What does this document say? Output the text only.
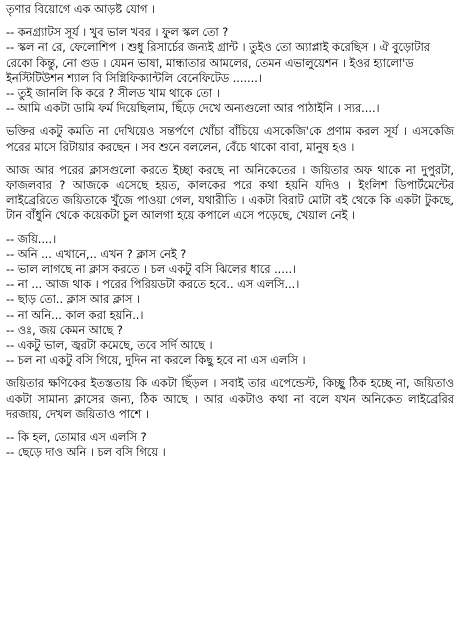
তৃণার বিয়োগে এক আড়ষ্ট যোগ ।

-- কনগ্র্যাটস সূর্য । খুব ভাল খবর । ফুল স্কল তো ?

-- স্কল না রে, ফেলোশিপ । শুধু রিসার্চের জন্যই গ্রান্ট । তুইও তো অ্যাপ্লাই করেছিস । ঐ বুড়োটার রেকো কিন্তু, নো গুড । যেমন ভাষা, মান্ধাতার আমলের, তেমন এভালুয়েশন । ইওর হ্যালো'ড ইনস্টিটিউশন শ্যাল বি সিগ্নিফিক্যান্টলি বেনেফিটেড .......।

-- তুই জানলি কি করে ? সীলড খাম থাকে তো ।

-- আমি একটা ডামি ফর্ম দিয়েছিলাম, ছিঁড়ে দেখে অন্যগুলো আর পাঠাইনি । স্যর....।

ভক্তির একটু কমতি না দেখিয়েও সন্তর্পণে খোঁচা বাঁচিয়ে এসকেজি'কে প্রণাম করল সূর্য । এসকেজি পরের মাসে রিটায়ার করছেন । সব শুনে বললেন, বেঁচে থাকো বাবা, মানুষ হও ।

আজ আর পরের ক্লাসগুলো করতে ইচ্ছা করছে না অনিকেতের । জয়িতার অফ থাকে না দুপুরটা, ফাজলবার ? আজকে এসেছে হয়ত, কালকের পরে কথা হয়নি যদিও । ইংলিশ ডিপার্টমেন্টের লাইব্রেরিতে জয়িতাকে খুঁজে পাওয়া গেল, যথারীতি । একটা বিরাট মোটা বই থেকে কি একটা টুকছে, টান বাঁধুনি থেকে কয়েকটা চুল আলগা হয়ে কপালে এসে পড়েছে, খেয়াল নেই ।

-- জয়ি....।

-- অনি ... এখানে,.. এখন ? ক্লাস নেই ?

-- ভাল লাগছে না ক্লাস করতে । চল একটু বসি ঝিলের ধারে .....।

-- না ... আজ থাক । পরের পিরিয়ডটা করতে হবে.. এস এলসি...।

-- ছাড় তো.. ক্লাস আর ক্লাস ।

-- না অনি... কাল করা হয়নি..।

-- ওঃ, জয় কেমন আছে ?

-- একটু ভাল, জ্বরটা কমেছে, তবে সর্দি আছে ।

-- চল না একটু বসি গিয়ে, দুদিন না করলে কিছু হবে না এস এলসি ।

জয়িতার ক্ষণিকের ইতস্ততায় কি একটা ছিঁড়ল । সবাই তার এপেন্ডেস্ট, কিচ্ছু ঠিক হচ্ছে না, জয়িতাও একটা সামান্য ক্লাসের জন্য, ঠিক আছে । আর একটাও কথা না বলে যখন অনিকেত লাইব্রেরির দরজায়, দেখল জয়িতাও পাশে ।

-- কি হল, তোমার এস এলসি ?

-- ছেড়ে দাও অনি । চল বসি গিয়ে ।
